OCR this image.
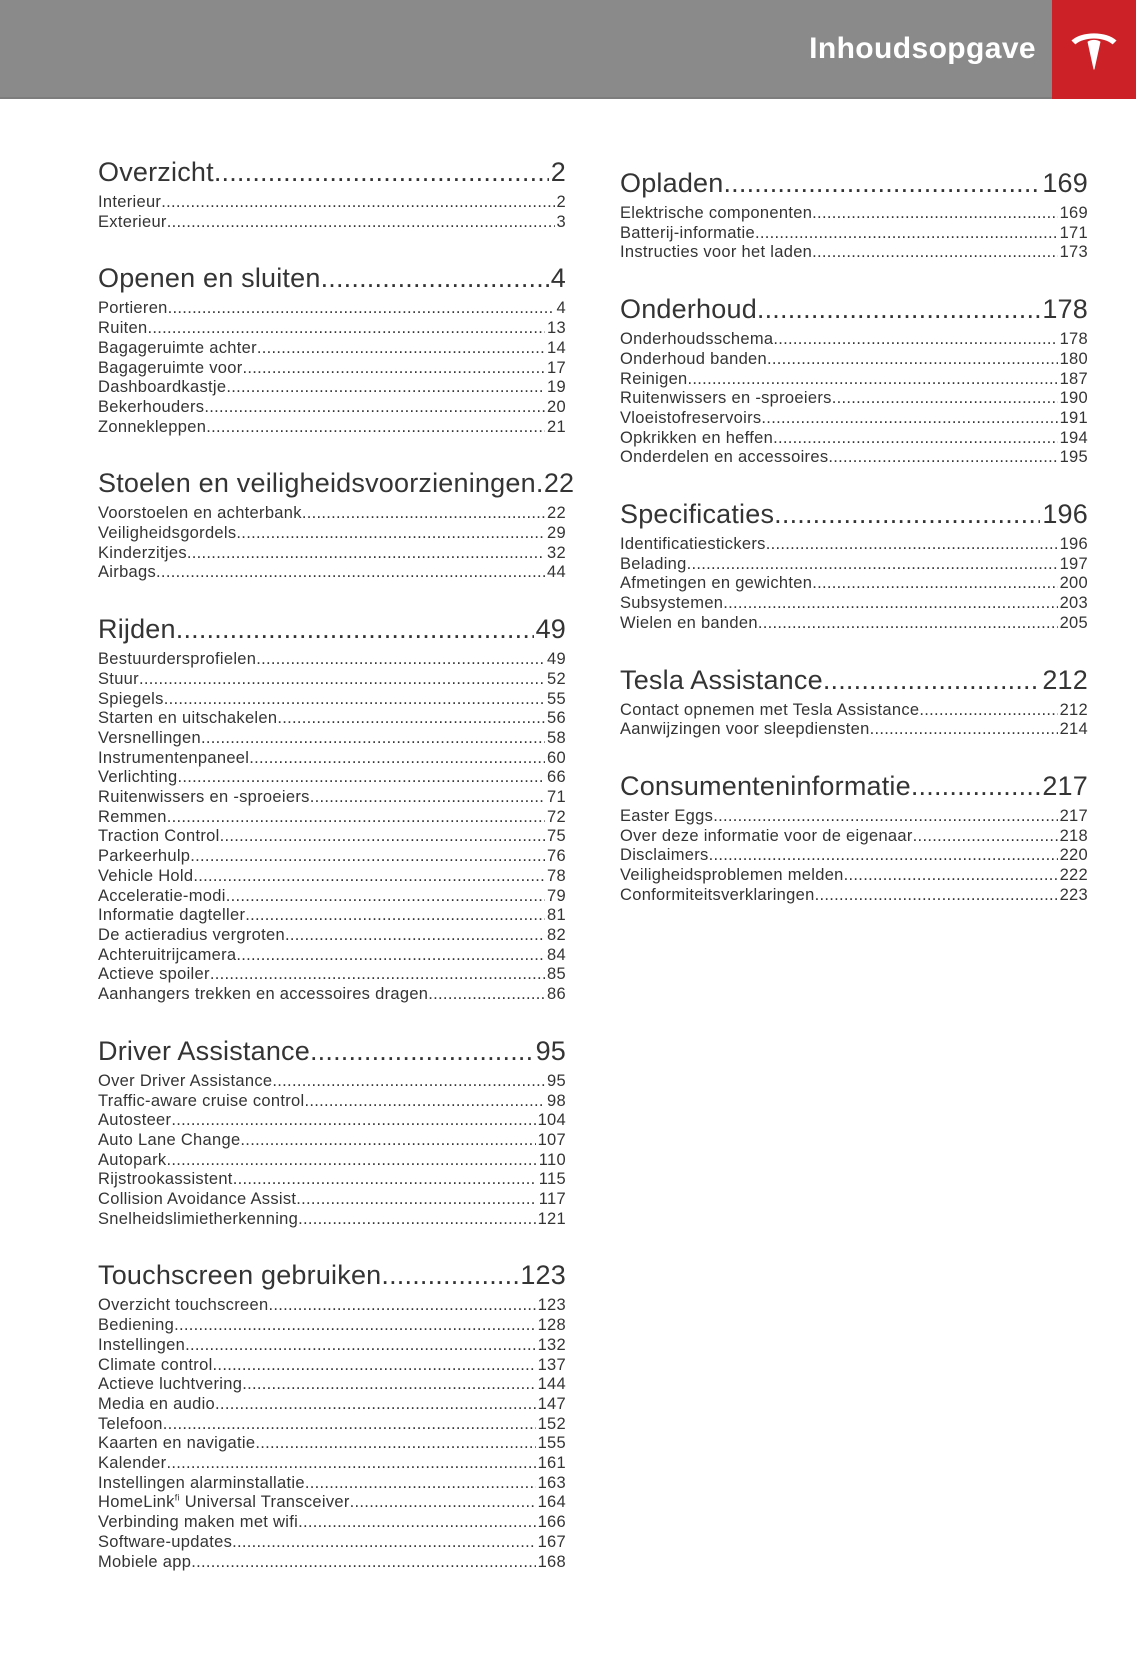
Inhoudsopgave
Overzicht .....	2
Interieur .....	2
Exterieur .....	3
Openen en sluiten .....	4
Portieren .....	4
Ruiten .....	13
Bagageruimte achter .....	14
Bagageruimte voor .....	17
Dashboardkastje .....	19
Bekerhouders .....	20
Zonnekleppen .....	21
Stoelen en veiligheidsvoorzieningen ..... 22
Voorstoelen en achterbank .....	22
Veiligheidsgordels .....	29
Kinderzitjes .....	32
Airbags .....	44
Rijden .....	49
Bestuurdersprofielen .....	49
Stuur .....	52
Spiegels .....	55
Starten en uitschakelen .....	56
Versnellingen .....	58
Instrumentenpaneel .....	60
Verlichting .....	66
Ruitenwissers en -sproeiers .....	71
Remmen .....	72
Traction Control .....	75
Parkeerhulp .....	76
Vehicle Hold .....	78
Acceleratie-modi .....	79
Informatie dagteller .....	81
De actieradius vergroten .....	82
Achteruitrijcamera .....	84
Actieve spoiler .....	85
Aanhangers trekken en accessoires dragen .....	86
Driver Assistance .....	95
Over Driver Assistance .....	95
Traffic-aware cruise control .....	98
Autosteer .....	104
Auto Lane Change .....	107
Autopark .....	110
Rijstrookassistent .....	115
Collision Avoidance Assist .....	117
Snelheidslimietherkenning .....	121
Touchscreen gebruiken .....	123
Overzicht touchscreen .....	123
Bediening .....	128
Instellingen .....	132
Climate control .....	137
Actieve luchtvering .....	144
Media en audio .....	147
Telefoon .....	152
Kaarten en navigatie .....	155
Kalender .....	161
Instellingen alarminstallatie .....	163
HomeLink$^{fi}$ Universal Transceiver .....	164
Verbinding maken met wifi .....	166
Software-updates .....	167
Mobiele app .....	168
Opladen .....	169
Elektrische componenten .....	169
Batterij-informatie .....	171
Instructies voor het laden .....	173
Onderhoud .....	178
Onderhoudsschema .....	178
Onderhoud banden .....	180
Reinigen .....	187
Ruitenwissers en -sproeiers .....	190
Vloeistofreservoirs .....	191
Opkrikken en heffen .....	194
Onderdelen en accessoires .....	195
Specificaties .....	196
Identificatiestickers .....	196
Belading .....	197
Afmetingen en gewichten .....	200
Subsystemen .....	203
Wielen en banden .....	205
Tesla Assistance .....	212
Contact opnemen met Tesla Assistance .....	212
Aanwijzingen voor sleepdiensten .....	214
Consumenteninformatie .....	217
Easter Eggs .....	217
Over deze informatie voor de eigenaar .....	218
Disclaimers .....	220
Veiligheidsproblemen melden .....	222
Conformiteitsverklaringen .....	223
